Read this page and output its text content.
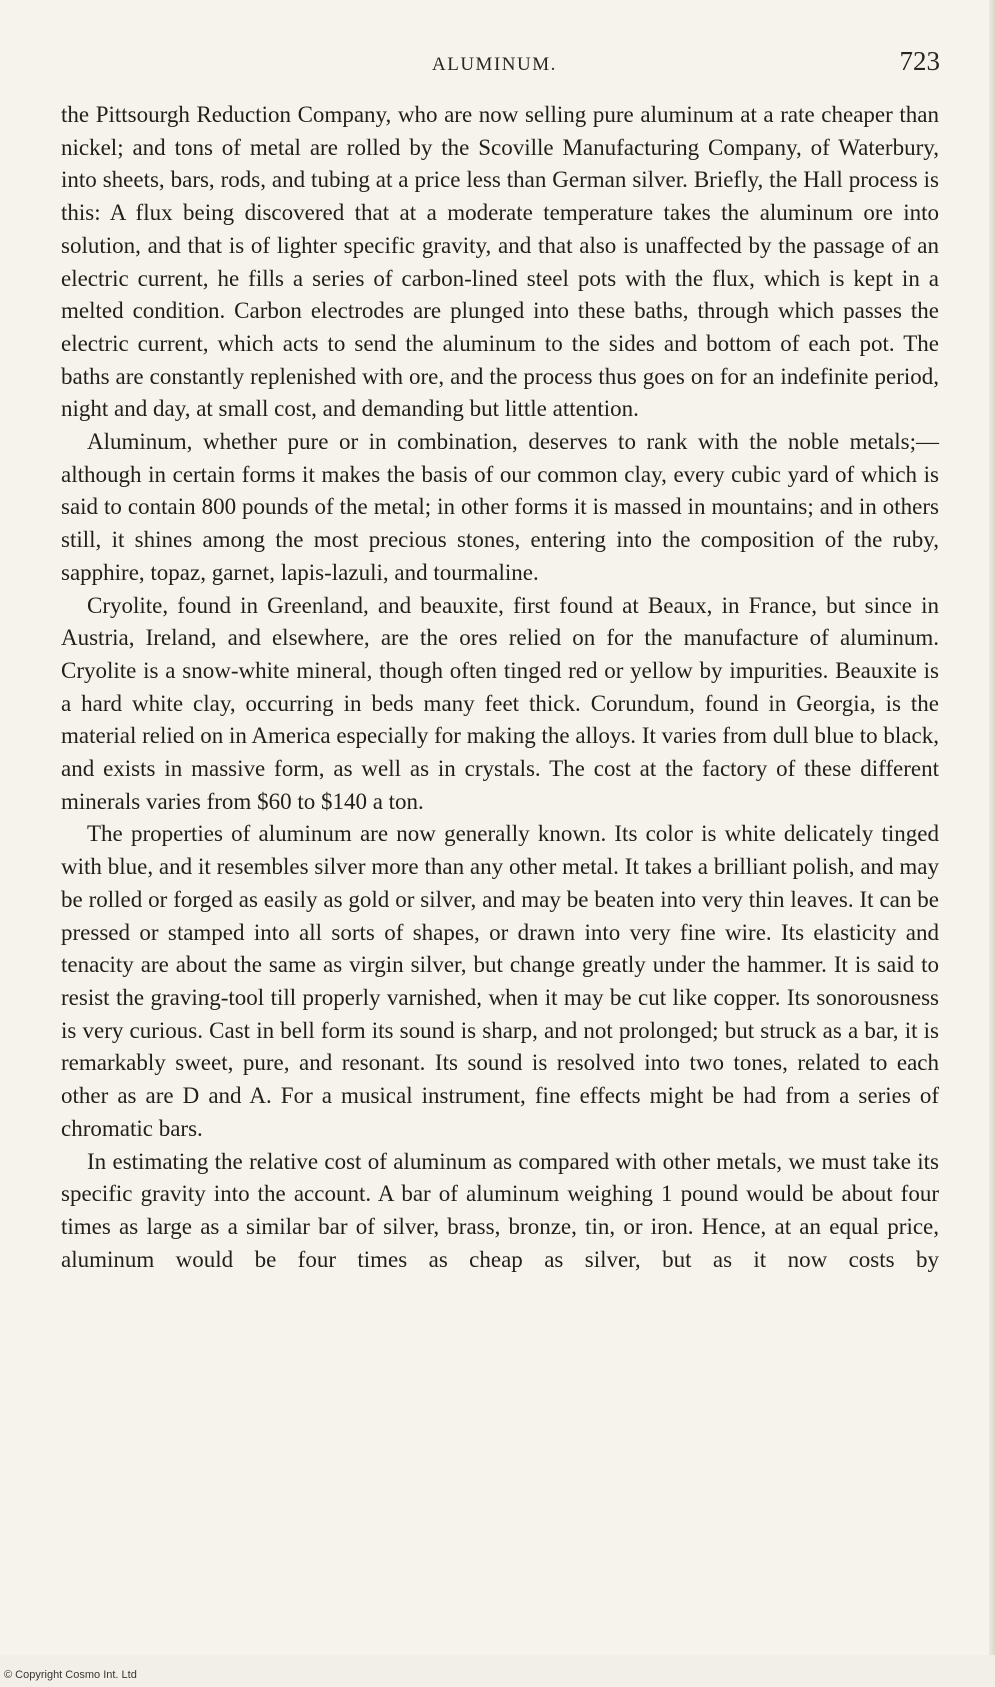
ALUMINUM.	723

the Pittsourgh Reduction Company, who are now selling pure aluminum at a rate cheaper than nickel; and tons of metal are rolled by the Scoville Manufacturing Company, of Waterbury, into sheets, bars, rods, and tubing at a price less than German silver. Briefly, the Hall process is this: A flux being discovered that at a moderate temperature takes the aluminum ore into solution, and that is of lighter specific gravity, and that also is unaffected by the passage of an electric current, he fills a series of carbon-lined steel pots with the flux, which is kept in a melted condition. Carbon electrodes are plunged into these baths, through which passes the electric current, which acts to send the aluminum to the sides and bottom of each pot. The baths are constantly replenished with ore, and the process thus goes on for an indefinite period, night and day, at small cost, and demanding but little attention.

Aluminum, whether pure or in combination, deserves to rank with the noble metals;—although in certain forms it makes the basis of our common clay, every cubic yard of which is said to contain 800 pounds of the metal; in other forms it is massed in mountains; and in others still, it shines among the most precious stones, entering into the composition of the ruby, sapphire, topaz, garnet, lapis-lazuli, and tourmaline.

Cryolite, found in Greenland, and beauxite, first found at Beaux, in France, but since in Austria, Ireland, and elsewhere, are the ores relied on for the manufacture of aluminum. Cryolite is a snow-white mineral, though often tinged red or yellow by impurities. Beauxite is a hard white clay, occurring in beds many feet thick. Corundum, found in Georgia, is the material relied on in America especially for making the alloys. It varies from dull blue to black, and exists in massive form, as well as in crystals. The cost at the factory of these different minerals varies from $60 to $140 a ton.

The properties of aluminum are now generally known. Its color is white delicately tinged with blue, and it resembles silver more than any other metal. It takes a brilliant polish, and may be rolled or forged as easily as gold or silver, and may be beaten into very thin leaves. It can be pressed or stamped into all sorts of shapes, or drawn into very fine wire. Its elasticity and tenacity are about the same as virgin silver, but change greatly under the hammer. It is said to resist the graving-tool till properly varnished, when it may be cut like copper. Its sonorousness is very curious. Cast in bell form its sound is sharp, and not prolonged; but struck as a bar, it is remarkably sweet, pure, and resonant. Its sound is resolved into two tones, related to each other as are D and A. For a musical instrument, fine effects might be had from a series of chromatic bars.

In estimating the relative cost of aluminum as compared with other metals, we must take its specific gravity into the account. A bar of aluminum weighing 1 pound would be about four times as large as a similar bar of silver, brass, bronze, tin, or iron. Hence, at an equal price, aluminum would be four times as cheap as silver, but as it now costs by

© Copyright Cosmo Int. Ltd
